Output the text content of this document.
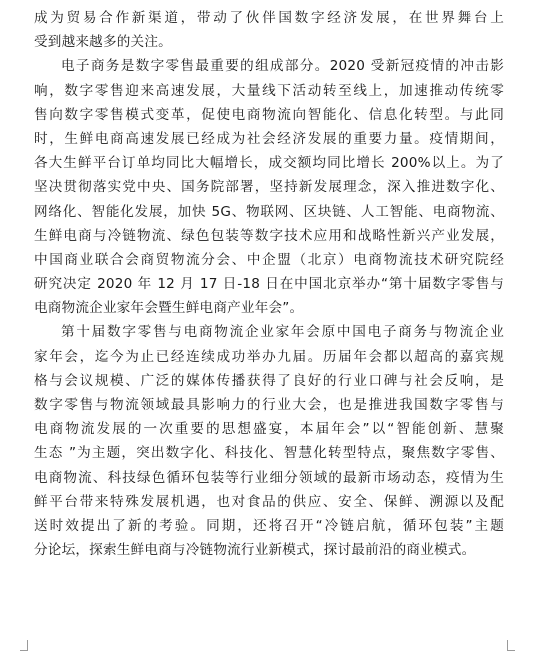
成为贸易合作新渠道，带动了伙伴国数字经济发展，在世界舞台上
受到越来越多的关注。
电子商务是数字零售最重要的组成部分。2020 受新冠疫情的冲击影
响，数字零售迎来高速发展，大量线下活动转至线上，加速推动传统零
售向数字零售模式变革，促使电商物流向智能化、信息化转型。与此同
时，生鲜电商高速发展已经成为社会经济发展的重要力量。疫情期间，
各大生鲜平台订单均同比大幅增长，成交额均同比增长 200%以上。为了
坚决贯彻落实党中央、国务院部署，坚持新发展理念，深入推进数字化、
网络化、智能化发展，加快 5G、物联网、区块链、人工智能、电商物流、
生鲜电商与冷链物流、绿色包装等数字技术应用和战略性新兴产业发展，
中国商业联合会商贸物流分会、中企盟（北京）电商物流技术研究院经
研究决定 2020 年 12 月 17 日-18 日在中国北京举办“第十届数字零售与
电商物流企业家年会暨生鲜电商产业年会”。
第十届数字零售与电商物流企业家年会原中国电子商务与物流企业
家年会，迄今为止已经连续成功举办九届。历届年会都以超高的嘉宾规
格与会议规模、广泛的媒体传播获得了良好的行业口碑与社会反响，是
数字零售与物流领域最具影响力的行业大会，也是推进我国数字零售与
电商物流发展的一次重要的思想盛宴，本届年会”以“智能创新、慧聚
生态 ”为主题，突出数字化、科技化、智慧化转型特点，聚焦数字零售、
电商物流、科技绿色循环包装等行业细分领域的最新市场动态，疫情为生
鲜平台带来特殊发展机遇，也对食品的供应、安全、保鲜、溯源以及配
送时效提出了新的考验。同期，还将召开“冷链启航，循环包装”主题
分论坛，探索生鲜电商与冷链物流行业新模式，探讨最前沿的商业模式。
